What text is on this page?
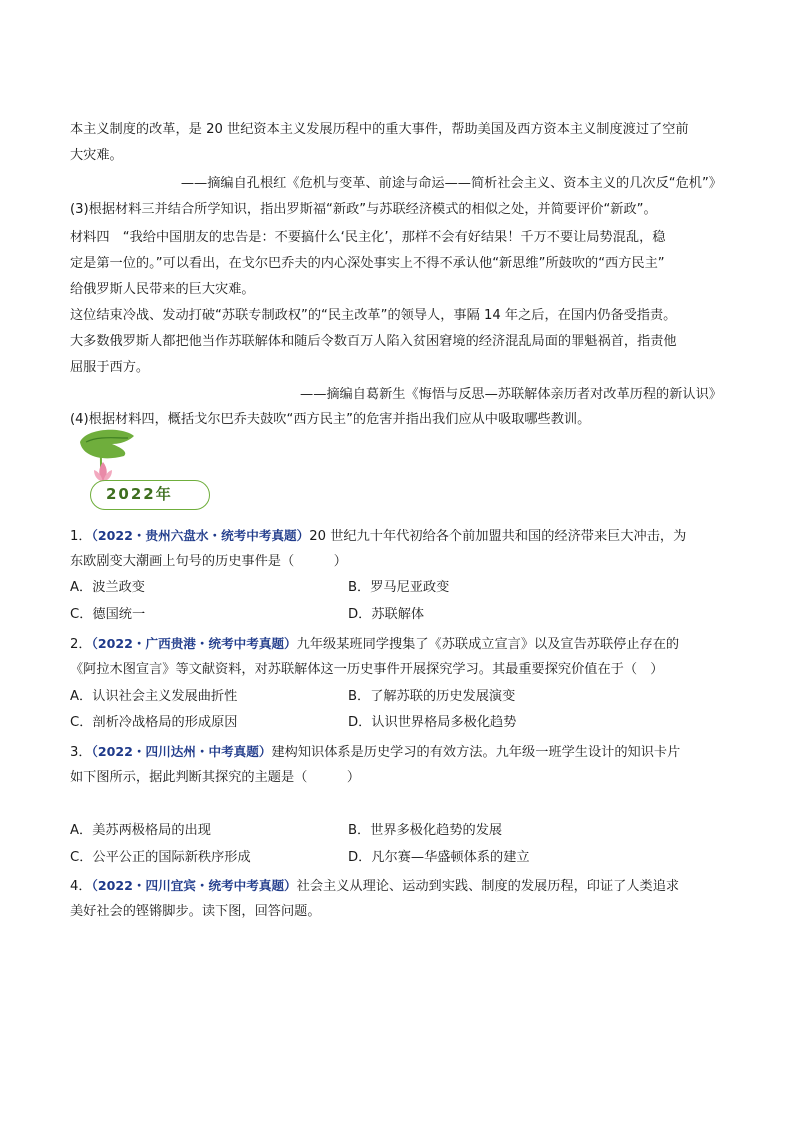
本主义制度的改革，是 20 世纪资本主义发展历程中的重大事件，帮助美国及西方资本主义制度渡过了空前
大灾难。
——摘编自孔根红《危机与变革、前途与命运——简析社会主义、资本主义的几次反“危机”》
(3)根据材料三并结合所学知识，指出罗斯福“新政”与苏联经济模式的相似之处，并简要评价“新政”。
材料四　“我给中国朋友的忠告是：不要搞什么‘民主化’，那样不会有好结果！千万不要让局势混乱，稳
定是第一位的。”可以看出，在戈尔巴乔夫的内心深处事实上不得不承认他“新思维”所鼓吹的“西方民主”
给俄罗斯人民带来的巨大灾难。
这位结束冷战、发动打破“苏联专制政权”的“民主改革”的领导人，事隔 14 年之后，在国内仍备受指责。
大多数俄罗斯人都把他当作苏联解体和随后令数百万人陷入贫困窘境的经济混乱局面的罪魁祸首，指责他
屈服于西方。
——摘编自葛新生《悔悟与反思—苏联解体亲历者对改革历程的新认识》
(4)根据材料四，概括戈尔巴乔夫鼓吹“西方民主”的危害并指出我们应从中吸取哪些教训。
2022年
1．（2022・贵州六盘水・统考中考真题）20 世纪九十年代初给各个前加盟共和国的经济带来巨大冲击，为
东欧剧变大潮画上句号的历史事件是（　　　）
A．波兰政变	B．罗马尼亚政变
C．德国统一	D．苏联解体
2．（2022・广西贵港・统考中考真题）九年级某班同学搜集了《苏联成立宣言》以及宣告苏联停止存在的
《阿拉木图宣言》等文献资料，对苏联解体这一历史事件开展探究学习。其最重要探究价值在于（　）
A．认识社会主义发展曲折性	B．了解苏联的历史发展演变
C．剖析冷战格局的形成原因	D．认识世界格局多极化趋势
3．（2022・四川达州・中考真题）建构知识体系是历史学习的有效方法。九年级一班学生设计的知识卡片
如下图所示，据此判断其探究的主题是（　　　）
A．美苏两极格局的出现	B．世界多极化趋势的发展
C．公平公正的国际新秩序形成	D．凡尔赛—华盛顿体系的建立
4．（2022・四川宜宾・统考中考真题）社会主义从理论、运动到实践、制度的发展历程，印证了人类追求
美好社会的铿锵脚步。读下图，回答问题。
